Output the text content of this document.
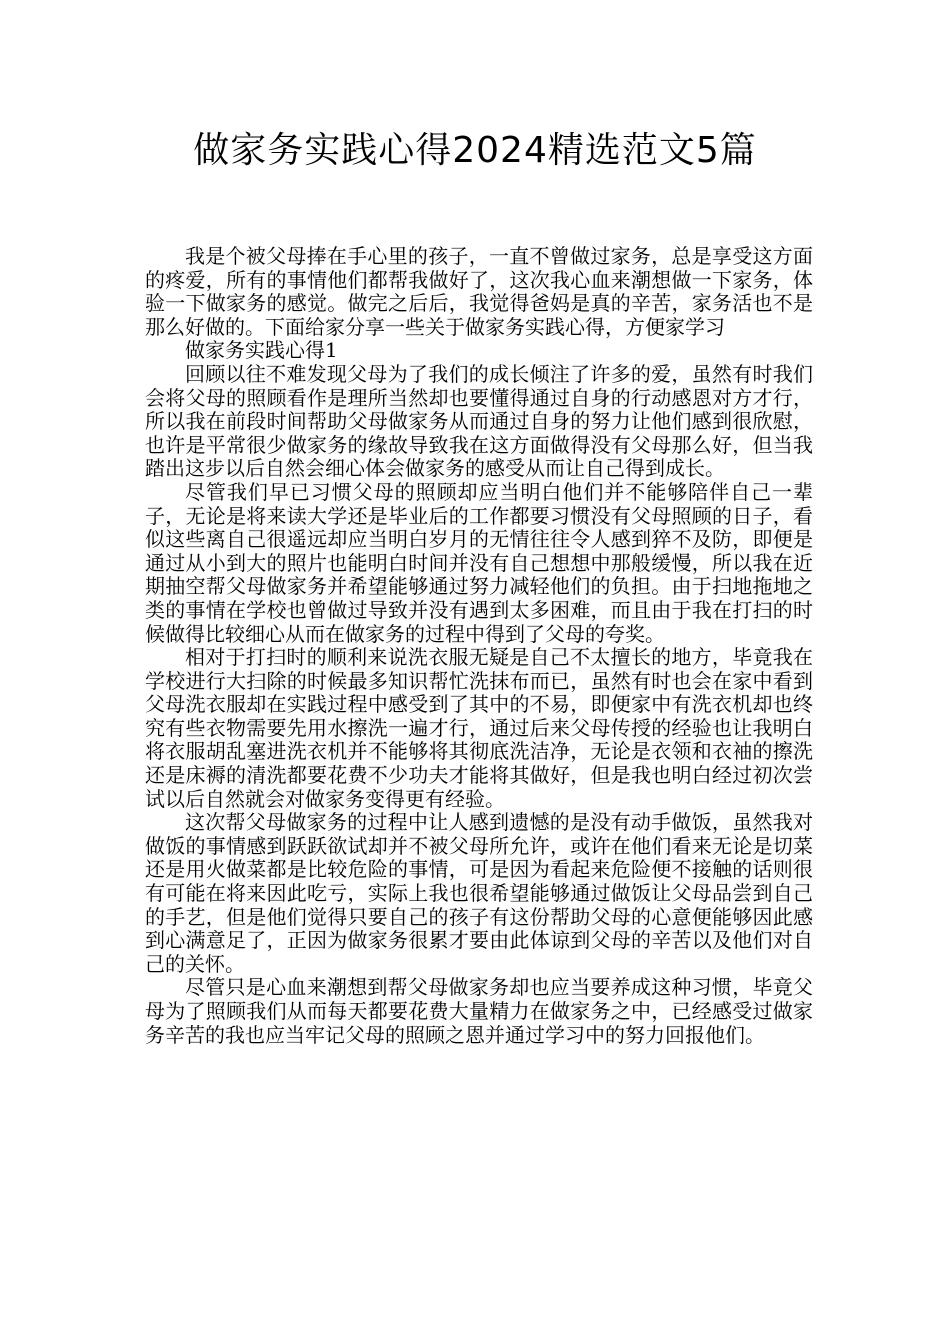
做家务实践心得2024精选范文5篇

我是个被父母捧在手心里的孩子，一直不曾做过家务，总是享受这方面的疼爱，所有的事情他们都帮我做好了，这次我心血来潮想做一下家务，体验一下做家务的感觉。做完之后后，我觉得爸妈是真的辛苦，家务活也不是那么好做的。下面给家分享一些关于做家务实践心得，方便家学习

做家务实践心得1

回顾以往不难发现父母为了我们的成长倾注了许多的爱，虽然有时我们会将父母的照顾看作是理所当然却也要懂得通过自身的行动感恩对方才行，所以我在前段时间帮助父母做家务从而通过自身的努力让他们感到很欣慰，也许是平常很少做家务的缘故导致我在这方面做得没有父母那么好，但当我踏出这步以后自然会细心体会做家务的感受从而让自己得到成长。

尽管我们早已习惯父母的照顾却应当明白他们并不能够陪伴自己一辈子，无论是将来读大学还是毕业后的工作都要习惯没有父母照顾的日子，看似这些离自己很遥远却应当明白岁月的无情往往令人感到猝不及防，即便是通过从小到大的照片也能明白时间并没有自己想想中那般缓慢，所以我在近期抽空帮父母做家务并希望能够通过努力减轻他们的负担。由于扫地拖地之类的事情在学校也曾做过导致并没有遇到太多困难，而且由于我在打扫的时候做得比较细心从而在做家务的过程中得到了父母的夸奖。

相对于打扫时的顺利来说洗衣服无疑是自己不太擅长的地方，毕竟我在学校进行大扫除的时候最多知识帮忙洗抹布而已，虽然有时也会在家中看到父母洗衣服却在实践过程中感受到了其中的不易，即便家中有洗衣机却也终究有些衣物需要先用水擦洗一遍才行，通过后来父母传授的经验也让我明白将衣服胡乱塞进洗衣机并不能够将其彻底洗洁净，无论是衣领和衣袖的擦洗还是床褥的清洗都要花费不少功夫才能将其做好，但是我也明白经过初次尝试以后自然就会对做家务变得更有经验。

这次帮父母做家务的过程中让人感到遗憾的是没有动手做饭，虽然我对做饭的事情感到跃跃欲试却并不被父母所允许，或许在他们看来无论是切菜还是用火做菜都是比较危险的事情，可是因为看起来危险便不接触的话则很有可能在将来因此吃亏，实际上我也很希望能够通过做饭让父母品尝到自己的手艺，但是他们觉得只要自己的孩子有这份帮助父母的心意便能够因此感到心满意足了，正因为做家务很累才要由此体谅到父母的辛苦以及他们对自己的关怀。

尽管只是心血来潮想到帮父母做家务却也应当要养成这种习惯，毕竟父母为了照顾我们从而每天都要花费大量精力在做家务之中，已经感受过做家务辛苦的我也应当牢记父母的照顾之恩并通过学习中的努力回报他们。
